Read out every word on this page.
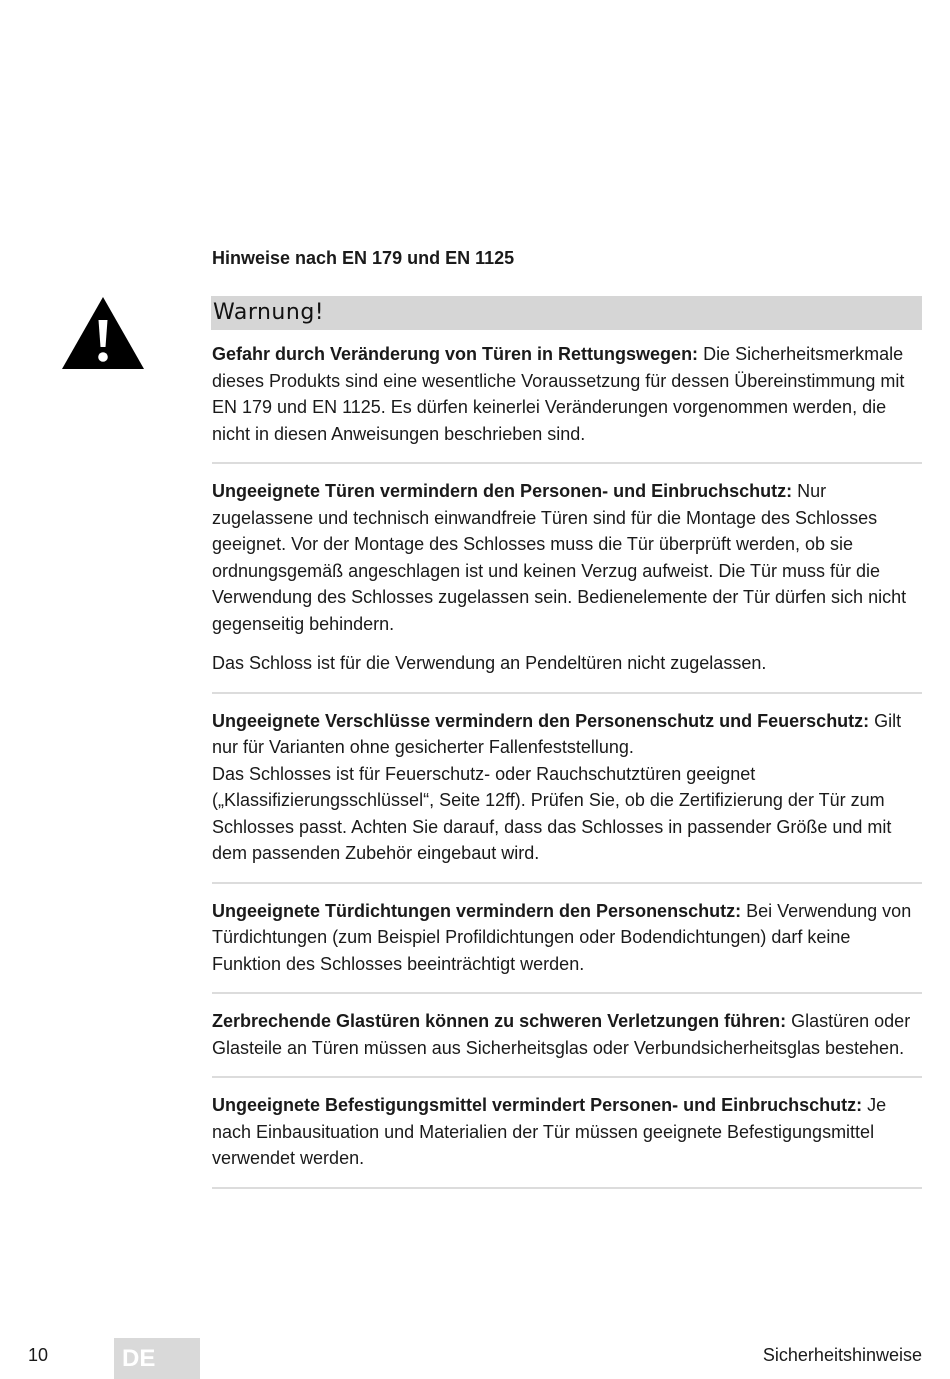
Hinweise nach EN 179 und EN 1125
Warnung!

Gefahr durch Veränderung von Türen in Rettungswegen: Die Sicherheitsmerkmale dieses Produkts sind eine wesentliche Voraussetzung für dessen Übereinstimmung mit EN 179 und EN 1125. Es dürfen keinerlei Veränderungen vorgenommen werden, die nicht in diesen Anweisungen beschrieben sind.

Ungeeignete Türen vermindern den Personen- und Einbruchschutz: Nur zugelassene und technisch einwandfreie Türen sind für die Montage des Schlosses geeignet. Vor der Montage des Schlosses muss die Tür überprüft werden, ob sie ordnungsgemäß angeschlagen ist und keinen Verzug aufweist. Die Tür muss für die Verwendung des Schlosses zugelassen sein. Bedienelemente der Tür dürfen sich nicht gegenseitig behindern.

Das Schloss ist für die Verwendung an Pendeltüren nicht zugelassen.

Ungeeignete Verschlüsse vermindern den Personenschutz und Feuerschutz: Gilt nur für Varianten ohne gesicherter Fallenfeststellung.
Das Schlosses ist für Feuerschutz- oder Rauchschutztüren geeignet („Klassifizierungsschlüssel“, Seite 12ff). Prüfen Sie, ob die Zertifizierung der Tür zum Schlosses passt. Achten Sie darauf, dass das Schlosses in passender Größe und mit dem passenden Zubehör eingebaut wird.

Ungeeignete Türdichtungen vermindern den Personenschutz: Bei Verwendung von Türdichtungen (zum Beispiel Profildichtungen oder Bodendichtungen) darf keine Funktion des Schlosses beeinträchtigt werden.

Zerbrechende Glastüren können zu schweren Verletzungen führen: Glastüren oder Glasteile an Türen müssen aus Sicherheitsglas oder Verbundsicherheitsglas bestehen.

Ungeeignete Befestigungsmittel vermindert Personen- und Einbruchschutz: Je nach Einbausituation und Materialien der Tür müssen geeignete Befestigungsmittel verwendet werden.

10	DE	Sicherheitshinweise
